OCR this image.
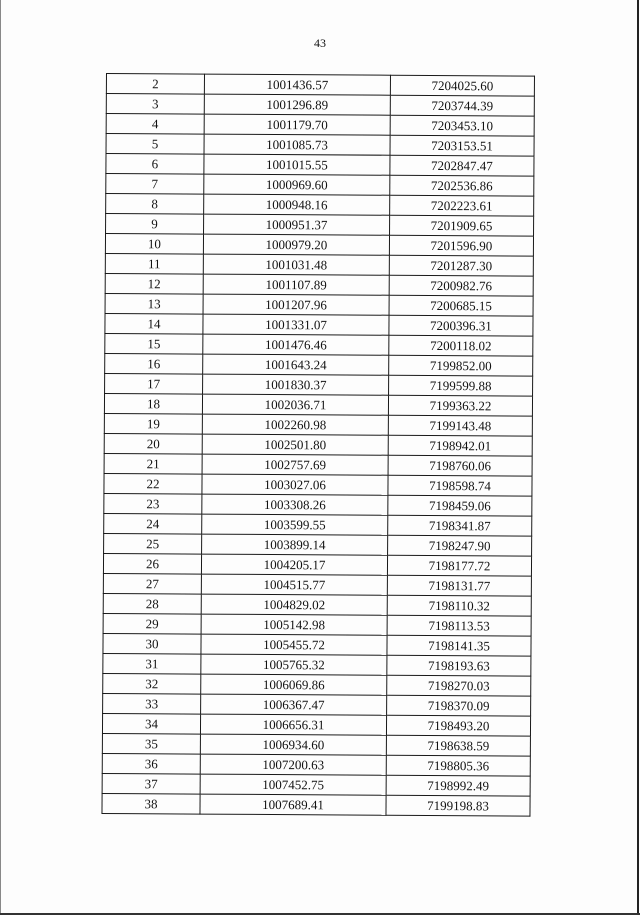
43
2	1001436.57	7204025.60
3	1001296.89	7203744.39
4	1001179.70	7203453.10
5	1001085.73	7203153.51
6	1001015.55	7202847.47
7	1000969.60	7202536.86
8	1000948.16	7202223.61
9	1000951.37	7201909.65
10	1000979.20	7201596.90
11	1001031.48	7201287.30
12	1001107.89	7200982.76
13	1001207.96	7200685.15
14	1001331.07	7200396.31
15	1001476.46	7200118.02
16	1001643.24	7199852.00
17	1001830.37	7199599.88
18	1002036.71	7199363.22
19	1002260.98	7199143.48
20	1002501.80	7198942.01
21	1002757.69	7198760.06
22	1003027.06	7198598.74
23	1003308.26	7198459.06
24	1003599.55	7198341.87
25	1003899.14	7198247.90
26	1004205.17	7198177.72
27	1004515.77	7198131.77
28	1004829.02	7198110.32
29	1005142.98	7198113.53
30	1005455.72	7198141.35
31	1005765.32	7198193.63
32	1006069.86	7198270.03
33	1006367.47	7198370.09
34	1006656.31	7198493.20
35	1006934.60	7198638.59
36	1007200.63	7198805.36
37	1007452.75	7198992.49
38	1007689.41	7199198.83
